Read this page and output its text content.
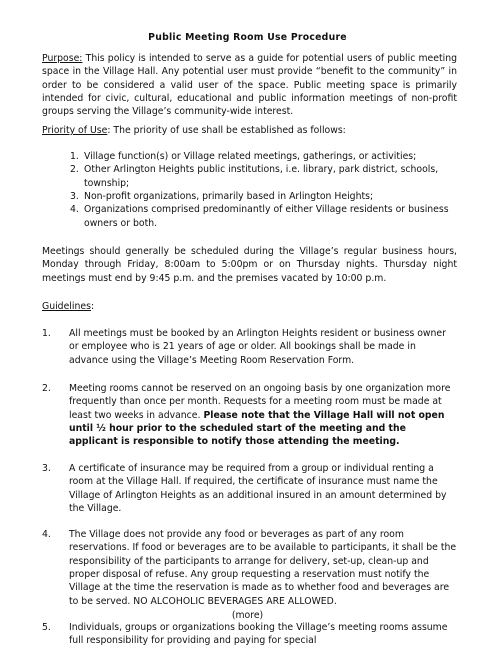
Public Meeting Room Use Procedure

Purpose: This policy is intended to serve as a guide for potential users of public meeting space in the Village Hall. Any potential user must provide “benefit to the community” in order to be considered a valid user of the space. Public meeting space is primarily intended for civic, cultural, educational and public information meetings of non-profit groups serving the Village’s community-wide interest.

Priority of Use: The priority of use shall be established as follows:

1. Village function(s) or Village related meetings, gatherings, or activities;
2. Other Arlington Heights public institutions, i.e. library, park district, schools, township;
3. Non-profit organizations, primarily based in Arlington Heights;
4. Organizations comprised predominantly of either Village residents or business owners or both.

Meetings should generally be scheduled during the Village’s regular business hours, Monday through Friday, 8:00am to 5:00pm or on Thursday nights. Thursday night meetings must end by 9:45 p.m. and the premises vacated by 10:00 p.m.

Guidelines:

1. All meetings must be booked by an Arlington Heights resident or business owner or employee who is 21 years of age or older. All bookings shall be made in advance using the Village’s Meeting Room Reservation Form.
2. Meeting rooms cannot be reserved on an ongoing basis by one organization more frequently than once per month. Requests for a meeting room must be made at least two weeks in advance. Please note that the Village Hall will not open until ½ hour prior to the scheduled start of the meeting and the applicant is responsible to notify those attending the meeting.
3. A certificate of insurance may be required from a group or individual renting a room at the Village Hall. If required, the certificate of insurance must name the Village of Arlington Heights as an additional insured in an amount determined by the Village.
4. The Village does not provide any food or beverages as part of any room reservations. If food or beverages are to be available to participants, it shall be the responsibility of the participants to arrange for delivery, set-up, clean-up and proper disposal of refuse. Any group requesting a reservation must notify the Village at the time the reservation is made as to whether food and beverages are to be served. NO ALCOHOLIC BEVERAGES ARE ALLOWED.
5. Individuals, groups or organizations booking the Village’s meeting rooms assume full responsibility for providing and paying for special
(more)
